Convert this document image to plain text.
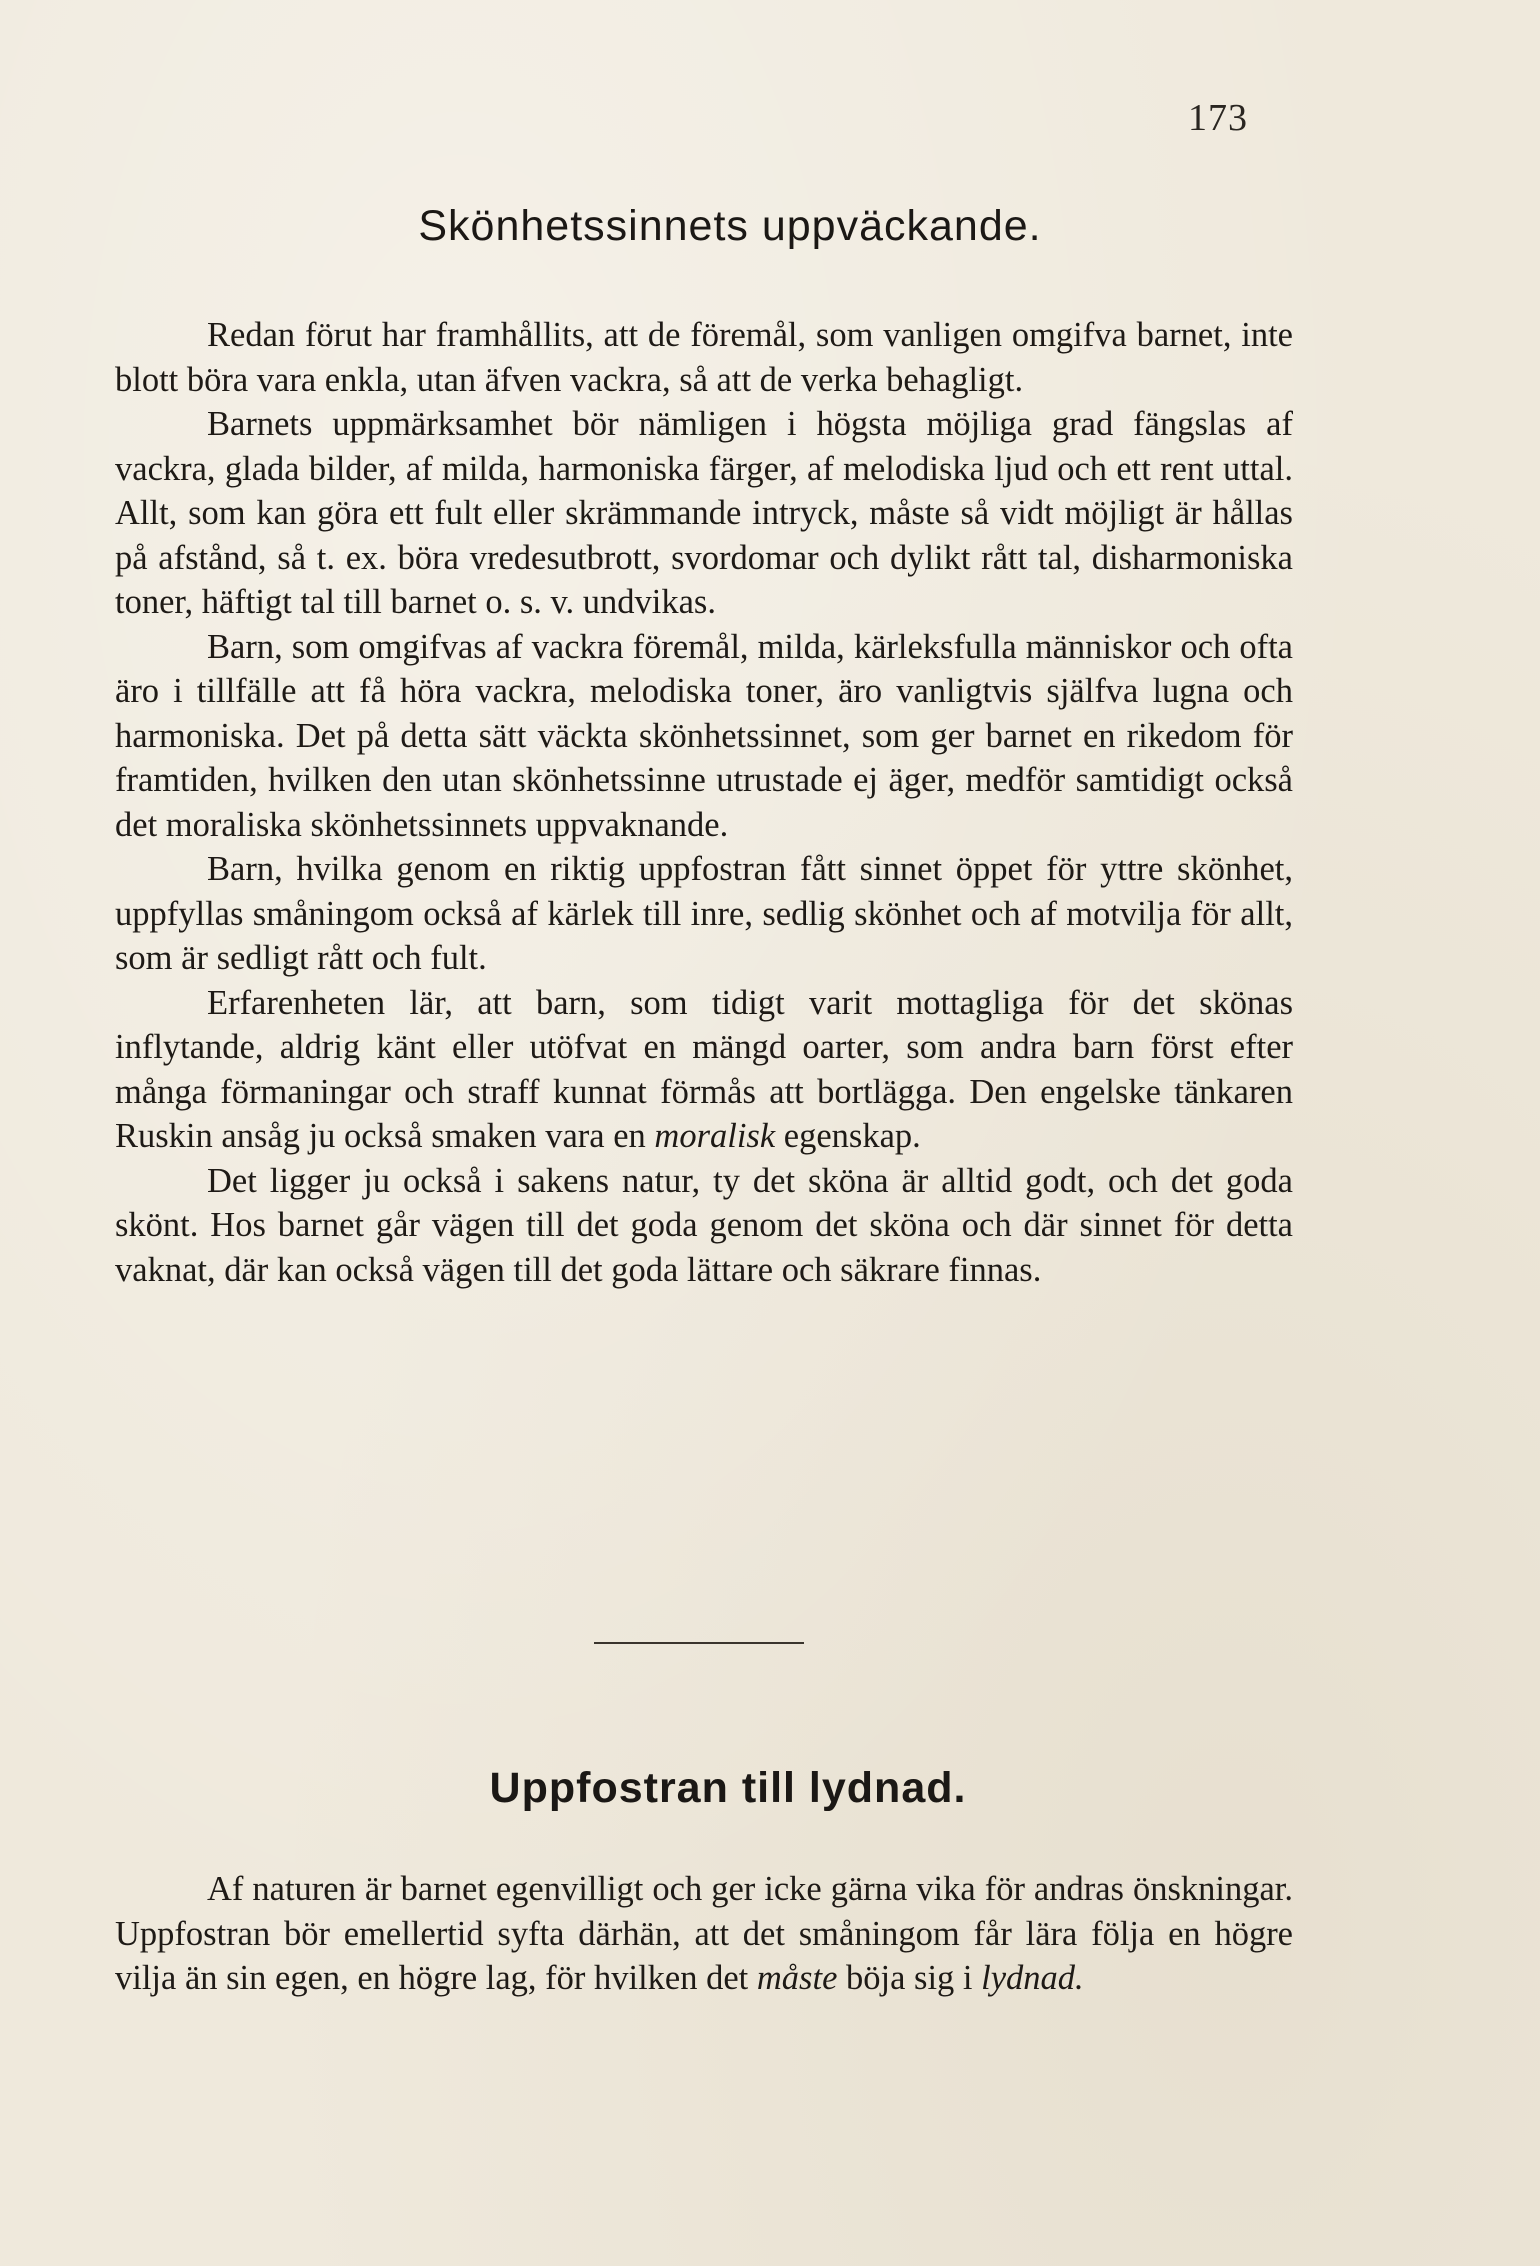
173
Skönhetssinnets uppväckande.

Redan förut har framhållits, att de föremål, som vanligen omgifva barnet, inte blott böra vara enkla, utan äfven vackra, så att de verka behagligt.

Barnets uppmärksamhet bör nämligen i högsta möjliga grad fängslas af vackra, glada bilder, af milda, harmoniska färger, af melodiska ljud och ett rent uttal. Allt, som kan göra ett fult eller skrämmande intryck, måste så vidt möjligt är hållas på afstånd, så t. ex. böra vredesutbrott, svordomar och dylikt rått tal, disharmoniska toner, häftigt tal till barnet o. s. v. undvikas.

Barn, som omgifvas af vackra föremål, milda, kärleksfulla människor och ofta äro i tillfälle att få höra vackra, melodiska toner, äro vanligtvis själfva lugna och harmoniska. Det på detta sätt väckta skönhetssinnet, som ger barnet en rikedom för framtiden, hvilken den utan skönhetssinne utrustade ej äger, medför samtidigt också det moraliska skönhetssinnets uppvaknande.

Barn, hvilka genom en riktig uppfostran fått sinnet öppet för yttre skönhet, uppfyllas småningom också af kärlek till inre, sedlig skönhet och af motvilja för allt, som är sedligt rått och fult.

Erfarenheten lär, att barn, som tidigt varit mottagliga för det skönas inflytande, aldrig känt eller utöfvat en mängd oarter, som andra barn först efter många förmaningar och straff kunnat förmås att bortlägga. Den engelske tänkaren Ruskin ansåg ju också smaken vara en moralisk egenskap.

Det ligger ju också i sakens natur, ty det sköna är alltid godt, och det goda skönt. Hos barnet går vägen till det goda genom det sköna och där sinnet för detta vaknat, där kan också vägen till det goda lättare och säkrare finnas.

Uppfostran till lydnad.

Af naturen är barnet egenvilligt och ger icke gärna vika för andras önskningar. Uppfostran bör emellertid syfta därhän, att det småningom får lära följa en högre vilja än sin egen, en högre lag, för hvilken det måste böja sig i lydnad.
